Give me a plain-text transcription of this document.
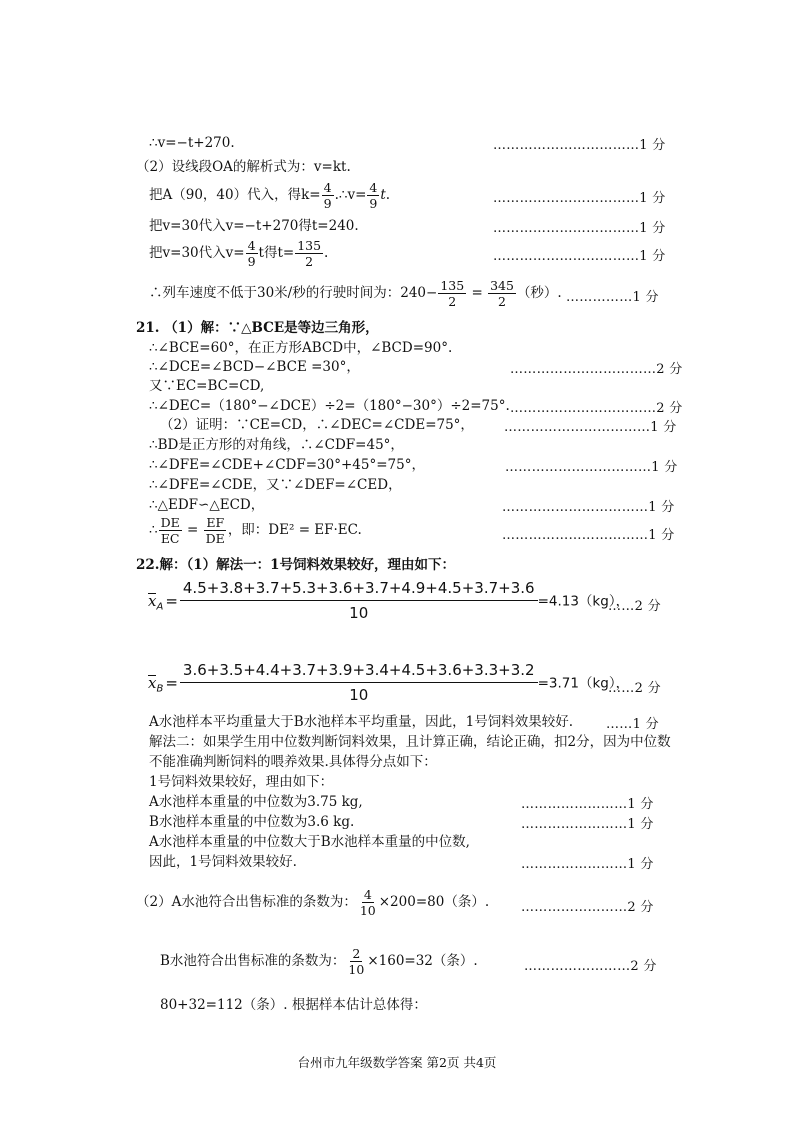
∴v=−t+270.	……………………………1 分
（2）设线段OA的解析式为：v=kt.
把A（90，40）代入，得$k= \frac{4}{9}$ .∴v= $\frac{4}{9} t$.	……………………………1 分
把v=30代入v=−t+270得t=240.	……………………………1 分
把v=30代入$v= \frac{4}{9}$ t得$t= \frac{135}{2}$ .	……………………………1 分
∴列车速度不低于30米/秒的行驶时间为：$240- \frac{135}{2} = \frac{345}{2}$ （秒）. ……………1 分
21. （1）解：∵△BCE是等边三角形，
∴∠BCE=60°，在正方形ABCD中，∠BCD=90°.
∴∠DCE=∠BCD−∠BCE =30°，	……………………………2 分
又∵EC=BC=CD,
∴∠DEC=（180°−∠DCE）÷2=（180°−30°）÷2=75°. ……………………………2 分
（2）证明：∵CE=CD，∴∠DEC=∠CDE=75°， ……………………………1 分
∴BD是正方形的对角线，∴∠CDF=45°，
∴∠DFE=∠CDE+∠CDF=30°+45°=75°，	……………………………1 分
∴∠DFE=∠CDE，又∵∠DEF=∠CED，
∴△EDF∽△ECD，	……………………………1 分
∴ $\frac{DE}{EC} = \frac{EF}{DE}$ ，即：DE² = EF·EC.	……………………………1 分
22.解：（1）解法一：1号饲料效果较好，理由如下：
$x_A = \frac{4.5+3.8+3.7+5.3+3.6+3.7+4.9+4.5+3.7+3.6}{10} =4.13(kg)$，
……2 分
$x_B = \frac{3.6+3.5+4.4+3.7+3.9+3.4+4.5+3.6+3.3+3.2}{10} =3.71(kg)$，
……2 分
A水池样本平均重量大于B水池样本平均重量，因此，1号饲料效果较好.	……1 分
解法二：如果学生用中位数判断饲料效果，且计算正确，结论正确，扣2分，因为中位数
不能准确判断饲料的喂养效果.具体得分点如下：
1号饲料效果较好，理由如下：
A水池样本重量的中位数为3.75 kg,	……………………1 分
B水池样本重量的中位数为3.6 kg.	……………………1 分
A水池样本重量的中位数大于B水池样本重量的中位数,
因此，1号饲料效果较好.	……………………1 分
（2）A水池符合出售标准的条数为： $\frac{4}{10} \times 200=80$（条）. ……………………2 分
B水池符合出售标准的条数为： $\frac{2}{10} \times 160=32$（条）.	……………………2 分
80+32=112（条）. 根据样本估计总体得：
台州市九年级数学答案 第2页 共4页
